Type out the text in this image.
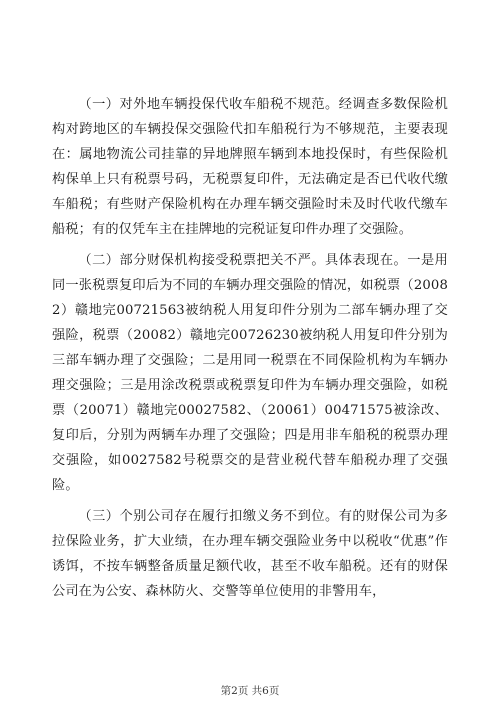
（一）对外地车辆投保代收车船税不规范。经调查多数保险机构对跨地区的车辆投保交强险代扣车船税行为不够规范，主要表现在：属地物流公司挂靠的异地牌照车辆到本地投保时，有些保险机构保单上只有税票号码，无税票复印件，无法确定是否已代收代缴车船税；有些财产保险机构在办理车辆交强险时未及时代收代缴车船税；有的仅凭车主在挂牌地的完税证复印件办理了交强险。

（二）部分财保机构接受税票把关不严。具体表现在。一是用同一张税票复印后为不同的车辆办理交强险的情况，如税票（20082）赣地完00721563被纳税人用复印件分别为二部车辆办理了交强险，税票（20082）赣地完00726230被纳税人用复印件分别为三部车辆办理了交强险；二是用同一税票在不同保险机构为车辆办理交强险；三是用涂改税票或税票复印件为车辆办理交强险，如税票（20071）赣地完00027582、（20061）00471575被涂改、复印后，分别为两辆车办理了交强险；四是用非车船税的税票办理交强险，如0027582号税票交的是营业税代替车船税办理了交强险。

（三）个别公司存在履行扣缴义务不到位。有的财保公司为多拉保险业务，扩大业绩，在办理车辆交强险业务中以税收“优惠”作诱饵，不按车辆整备质量足额代收，甚至不收车船税。还有的财保公司在为公安、森林防火、交警等单位使用的非警用车，

第2页 共6页
